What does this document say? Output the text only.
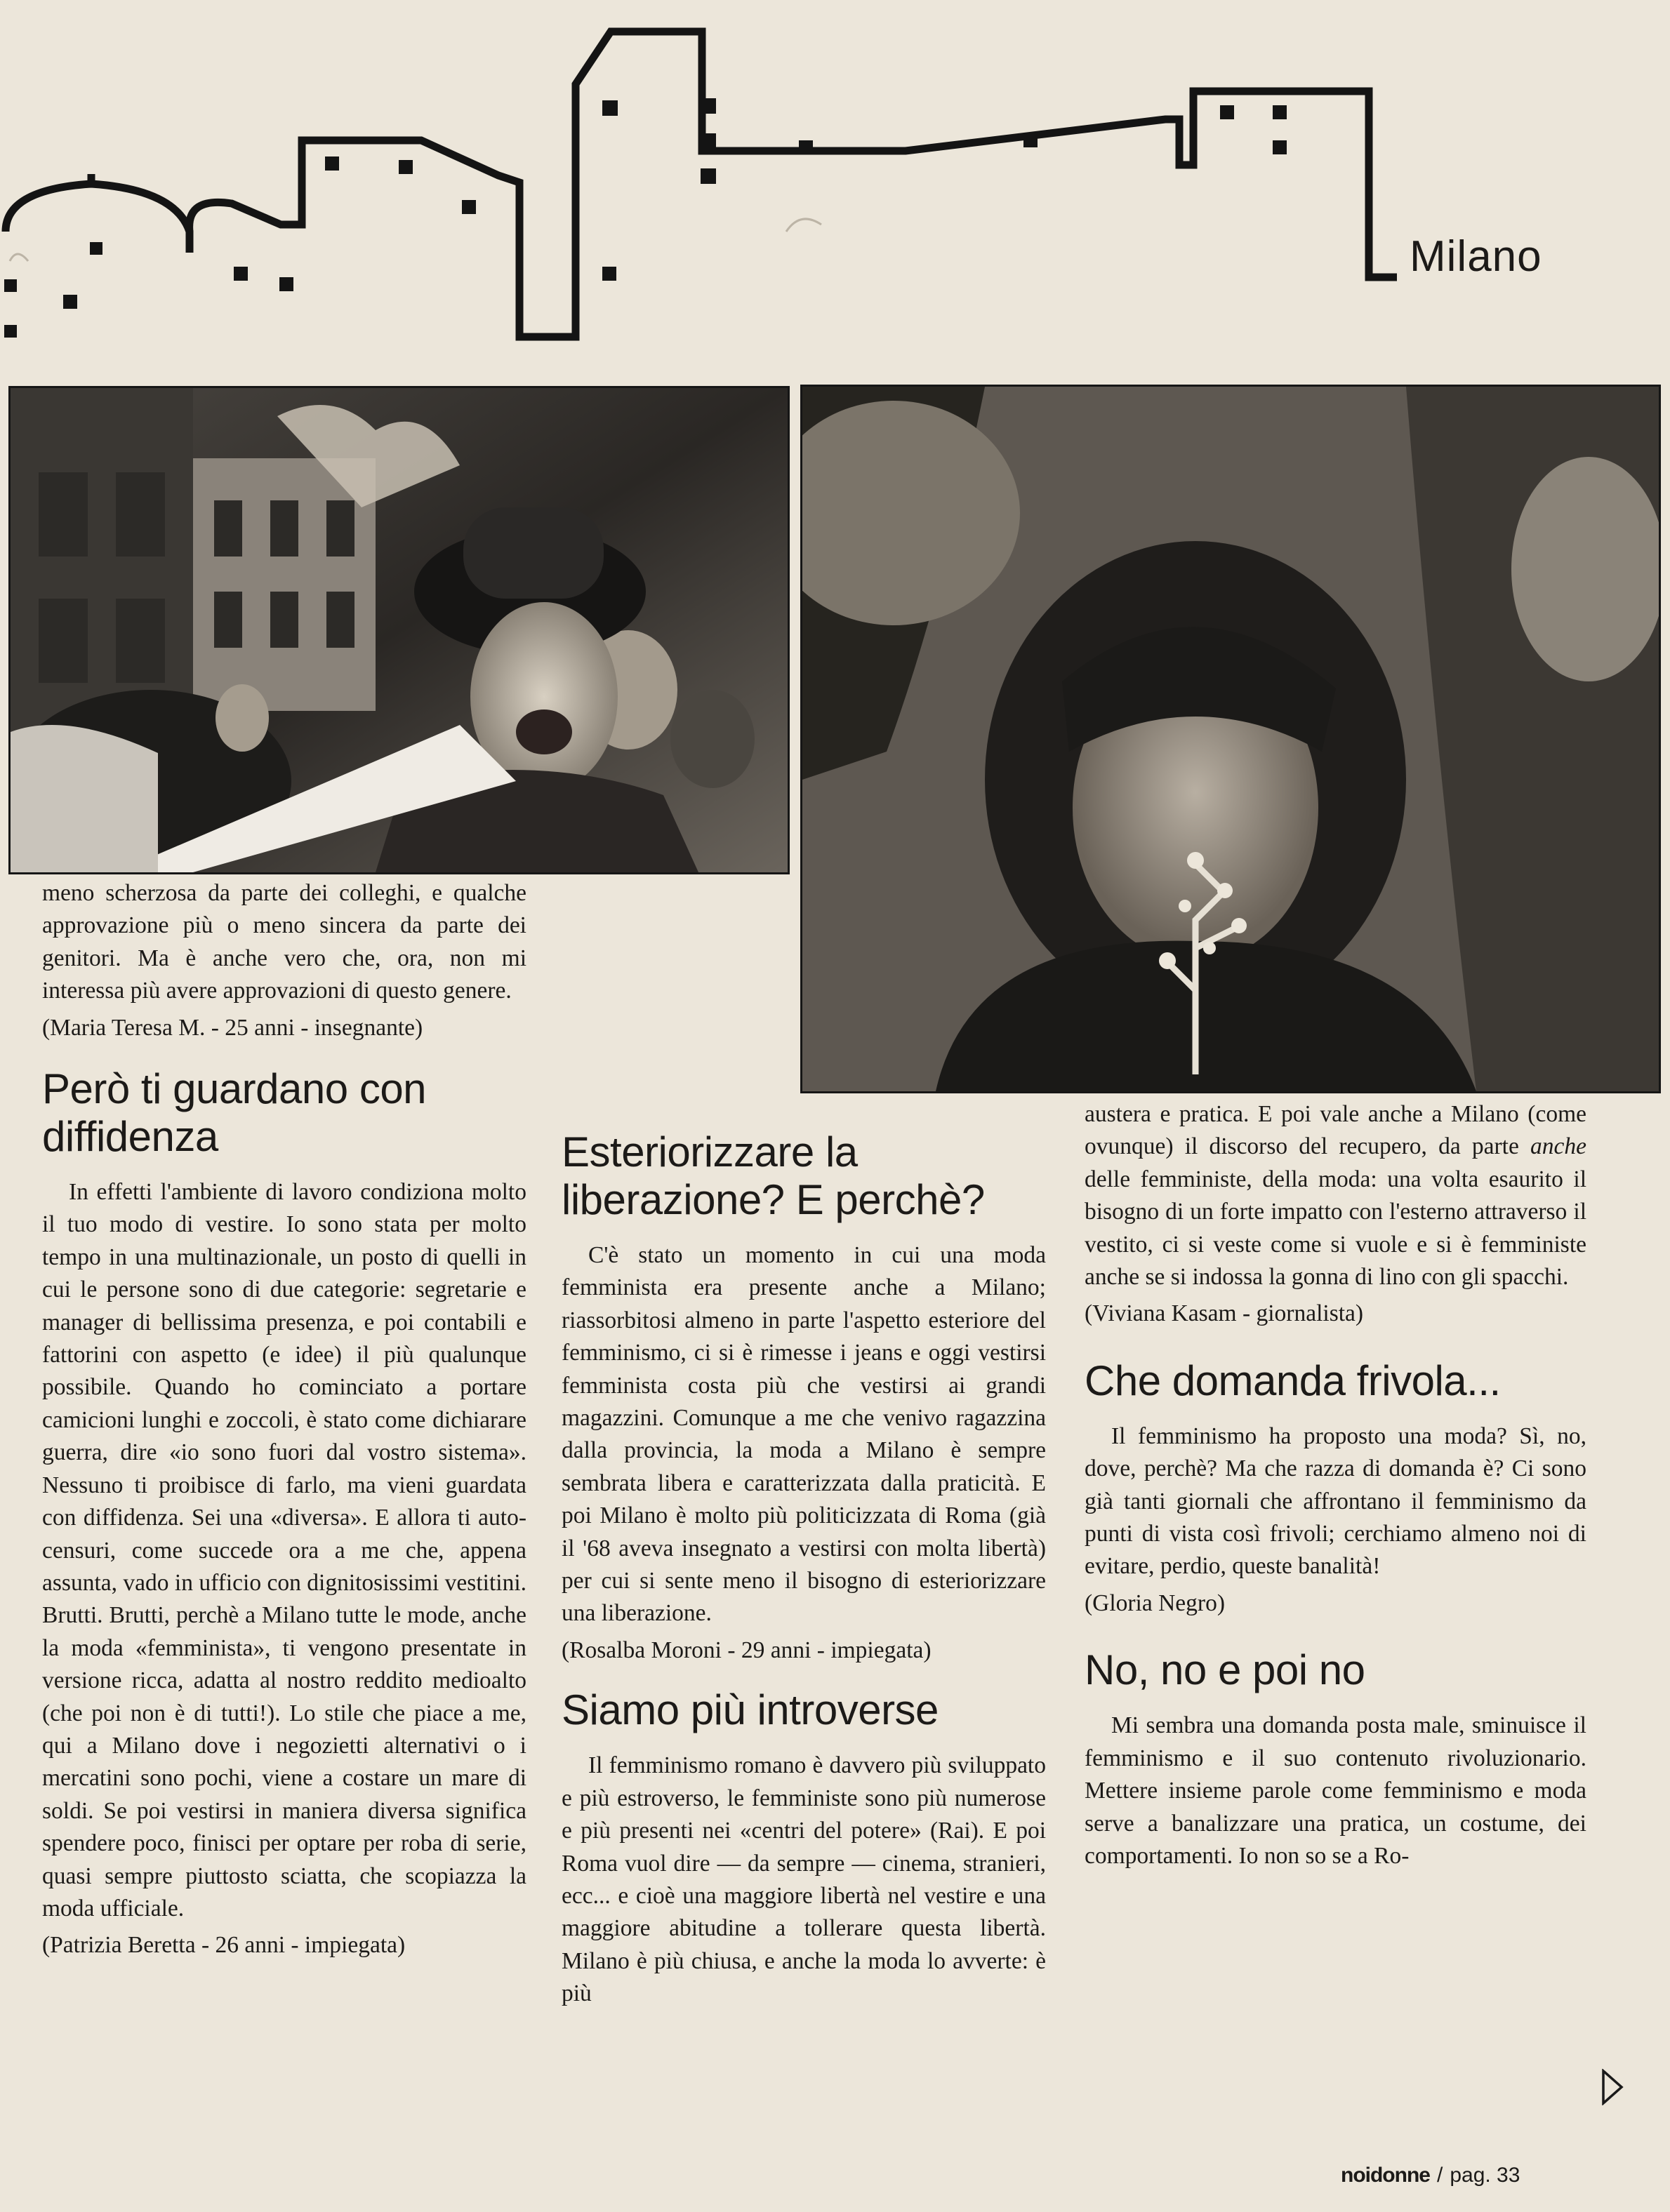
Milano

meno scherzosa da parte dei colleghi, e qualche approvazione più o meno sincera da parte dei genitori. Ma è anche vero che, ora, non mi interessa più avere approvazioni di questo genere.

(Maria Teresa M. - 25 anni - insegnante)

Però ti guardano con diffidenza

In effetti l'ambiente di lavoro condiziona molto il tuo modo di vestire. Io sono stata per molto tempo in una multinazionale, un posto di quelli in cui le persone sono di due categorie: segretarie e manager di bellissima presenza, e poi contabili e fattorini con aspetto (e idee) il più qualunque possibile. Quando ho cominciato a portare camicioni lunghi e zoccoli, è stato come dichiarare guerra, dire «io sono fuori dal vostro sistema». Nessuno ti proibisce di farlo, ma vieni guardata con diffidenza. Sei una «diversa». E allora ti auto-censuri, come succede ora a me che, appena assunta, vado in ufficio con dignitosissimi vestitini. Brutti. Brutti, perchè a Milano tutte le mode, anche la moda «femminista», ti vengono presentate in versione ricca, adatta al nostro reddito medioalto (che poi non è di tutti!). Lo stile che piace a me, qui a Milano dove i negozietti alternativi o i mercatini sono pochi, viene a costare un mare di soldi. Se poi vestirsi in maniera diversa significa spendere poco, finisci per optare per roba di serie, quasi sempre piuttosto sciatta, che scopiazza la moda ufficiale.

(Patrizia Beretta - 26 anni - impiegata)

Esteriorizzare la liberazione? E perchè?

C'è stato un momento in cui una moda femminista era presente anche a Milano; riassorbitosi almeno in parte l'aspetto esteriore del femminismo, ci si è rimesse i jeans e oggi vestirsi femminista costa più che vestirsi ai grandi magazzini. Comunque a me che venivo ragazzina dalla provincia, la moda a Milano è sempre sembrata libera e caratterizzata dalla praticità. E poi Milano è molto più politicizzata di Roma (già il '68 aveva insegnato a vestirsi con molta libertà) per cui si sente meno il bisogno di esteriorizzare una liberazione.

(Rosalba Moroni - 29 anni - impiegata)

Siamo più introverse

Il femminismo romano è davvero più sviluppato e più estroverso, le femministe sono più numerose e più presenti nei «centri del potere» (Rai). E poi Roma vuol dire — da sempre — cinema, stranieri, ecc... e cioè una maggiore libertà nel vestire e una maggiore abitudine a tollerare questa libertà. Milano è più chiusa, e anche la moda lo avverte: è più

austera e pratica. E poi vale anche a Milano (come ovunque) il discorso del recupero, da parte anche delle femministe, della moda: una volta esaurito il bisogno di un forte impatto con l'esterno attraverso il vestito, ci si veste come si vuole e si è femministe anche se si indossa la gonna di lino con gli spacchi.

(Viviana Kasam - giornalista)

Che domanda frivola...

Il femminismo ha proposto una moda? Sì, no, dove, perchè? Ma che razza di domanda è? Ci sono già tanti giornali che affrontano il femminismo da punti di vista così frivoli; cerchiamo almeno noi di evitare, perdio, queste banalità!

(Gloria Negro)

No, no e poi no

Mi sembra una domanda posta male, sminuisce il femminismo e il suo contenuto rivoluzionario. Mettere insieme parole come femminismo e moda serve a banalizzare una pratica, un costume, dei comportamenti. Io non so se a Ro-

noidonne / pag. 33
